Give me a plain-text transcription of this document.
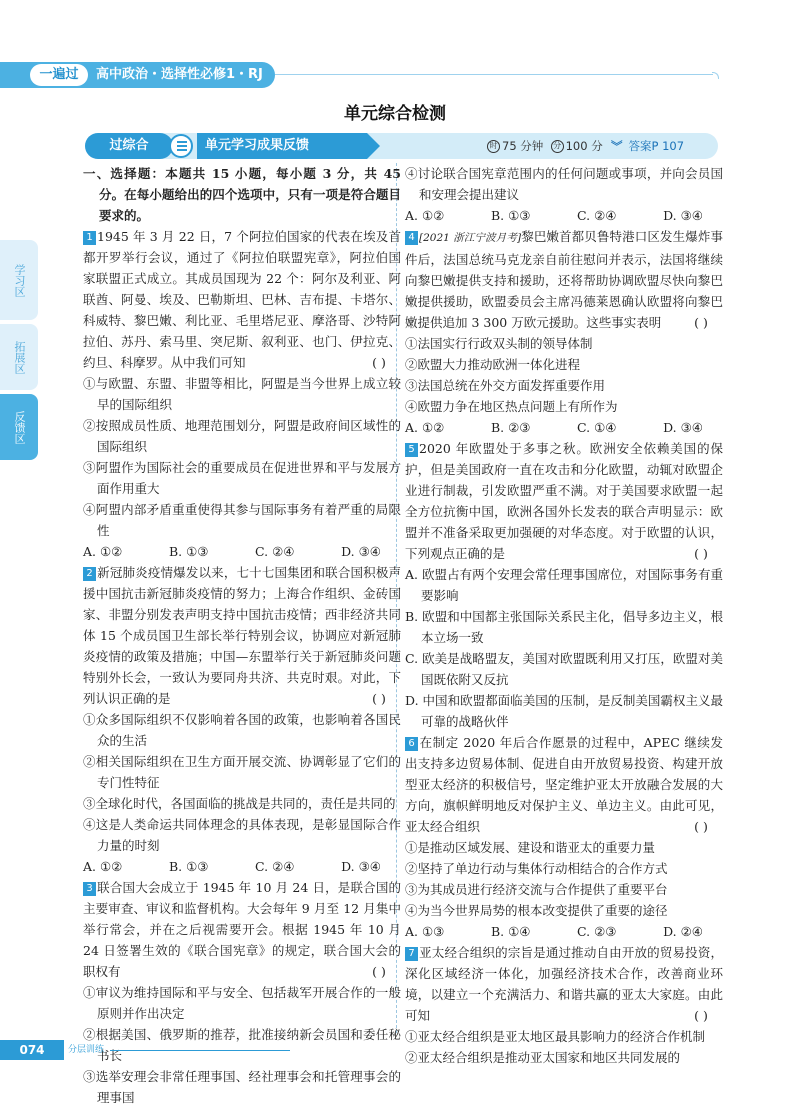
一遍过	高中政治・选择性必修1・RJ
单元综合检测
过综合	单元学习成果反馈	时 75 分钟 分 100 分 ︾ 答案P 107
学习区
拓展区
反馈区
一、选择题：本题共 15 小题，每小题 3 分，共 45 分。在每小题给出的四个选项中，只有一项是符合题目要求的。
1 1945 年 3 月 22 日，7 个阿拉伯国家的代表在埃及首都开罗举行会议，通过了《阿拉伯联盟宪章》，阿拉伯国家联盟正式成立。其成员国现为 22 个：阿尔及利亚、阿联酋、阿曼、埃及、巴勒斯坦、巴林、吉布提、卡塔尔、科威特、黎巴嫩、利比亚、毛里塔尼亚、摩洛哥、沙特阿拉伯、苏丹、索马里、突尼斯、叙利亚、也门、伊拉克、约旦、科摩罗。从中我们可知	( )
①与欧盟、东盟、非盟等相比，阿盟是当今世界上成立较早的国际组织
②按照成员性质、地理范围划分，阿盟是政府间区域性的国际组织
③阿盟作为国际社会的重要成员在促进世界和平与发展方面作用重大
④阿盟内部矛盾重重使得其参与国际事务有着严重的局限性
A. ①②	B. ①③	C. ②④	D. ③④
2 新冠肺炎疫情爆发以来，七十七国集团和联合国积极声援中国抗击新冠肺炎疫情的努力；上海合作组织、金砖国家、非盟分别发表声明支持中国抗击疫情；西非经济共同体 15 个成员国卫生部长举行特别会议，协调应对新冠肺炎疫情的政策及措施；中国—东盟举行关于新冠肺炎问题特别外长会，一致认为要同舟共济、共克时艰。对此，下列认识正确的是	( )
①众多国际组织不仅影响着各国的政策，也影响着各国民众的生活
②相关国际组织在卫生方面开展交流、协调彰显了它们的专门性特征
③全球化时代，各国面临的挑战是共同的，责任是共同的
④这是人类命运共同体理念的具体表现，是彰显国际合作力量的时刻
A. ①②	B. ①③	C. ②④	D. ③④
3 联合国大会成立于 1945 年 10 月 24 日，是联合国的主要审查、审议和监督机构。大会每年 9 月至 12 月集中举行常会，并在之后视需要开会。根据 1945 年 10 月 24 日签署生效的《联合国宪章》的规定，联合国大会的职权有	( )
①审议为维持国际和平与安全、包括裁军开展合作的一般原则并作出决定
②根据美国、俄罗斯的推荐，批准接纳新会员国和委任秘书长
③选举安理会非常任理事国、经社理事会和托管理事会的理事国
④讨论联合国宪章范围内的任何问题或事项，并向会员国和安理会提出建议
A. ①②	B. ①③	C. ②④	D. ③④
4 [2021 浙江宁波月考]黎巴嫩首都贝鲁特港口区发生爆炸事件后，法国总统马克龙亲自前往慰问并表示，法国将继续向黎巴嫩提供支持和援助，还将帮助协调欧盟尽快向黎巴嫩提供援助，欧盟委员会主席冯德莱恩确认欧盟将向黎巴嫩提供追加 3 300 万欧元援助。这些事实表明	( )
①法国实行行政双头制的领导体制
②欧盟大力推动欧洲一体化进程
③法国总统在外交方面发挥重要作用
④欧盟力争在地区热点问题上有所作为
A. ①②	B. ②③	C. ①④	D. ③④
5 2020 年欧盟处于多事之秋。欧洲安全依赖美国的保护，但是美国政府一直在攻击和分化欧盟，动辄对欧盟企业进行制裁，引发欧盟严重不满。对于美国要求欧盟一起全方位抗衡中国，欧洲各国外长发表的联合声明显示：欧盟并不准备采取更加强硬的对华态度。对于欧盟的认识，下列观点正确的是	( )
A. 欧盟占有两个安理会常任理事国席位，对国际事务有重要影响
B. 欧盟和中国都主张国际关系民主化，倡导多边主义，根本立场一致
C. 欧美是战略盟友，美国对欧盟既利用又打压，欧盟对美国既依附又反抗
D. 中国和欧盟都面临美国的压制，是反制美国霸权主义最可靠的战略伙伴
6 在制定 2020 年后合作愿景的过程中，APEC 继续发出支持多边贸易体制、促进自由开放贸易投资、构建开放型亚太经济的积极信号，坚定维护亚太开放融合发展的大方向，旗帜鲜明地反对保护主义、单边主义。由此可见，亚太经合组织	( )
①是推动区域发展、建设和谐亚太的重要力量
②坚持了单边行动与集体行动相结合的合作方式
③为其成员进行经济交流与合作提供了重要平台
④为当今世界局势的根本改变提供了重要的途径
A. ①③	B. ①④	C. ②③	D. ②④
7 亚太经合组织的宗旨是通过推动自由开放的贸易投资，深化区域经济一体化，加强经济技术合作，改善商业环境，以建立一个充满活力、和谐共赢的亚太大家庭。由此可知	( )
①亚太经合组织是亚太地区最具影响力的经济合作机制
②亚太经合组织是推动亚太国家和地区共同发展的
074	分层训练
